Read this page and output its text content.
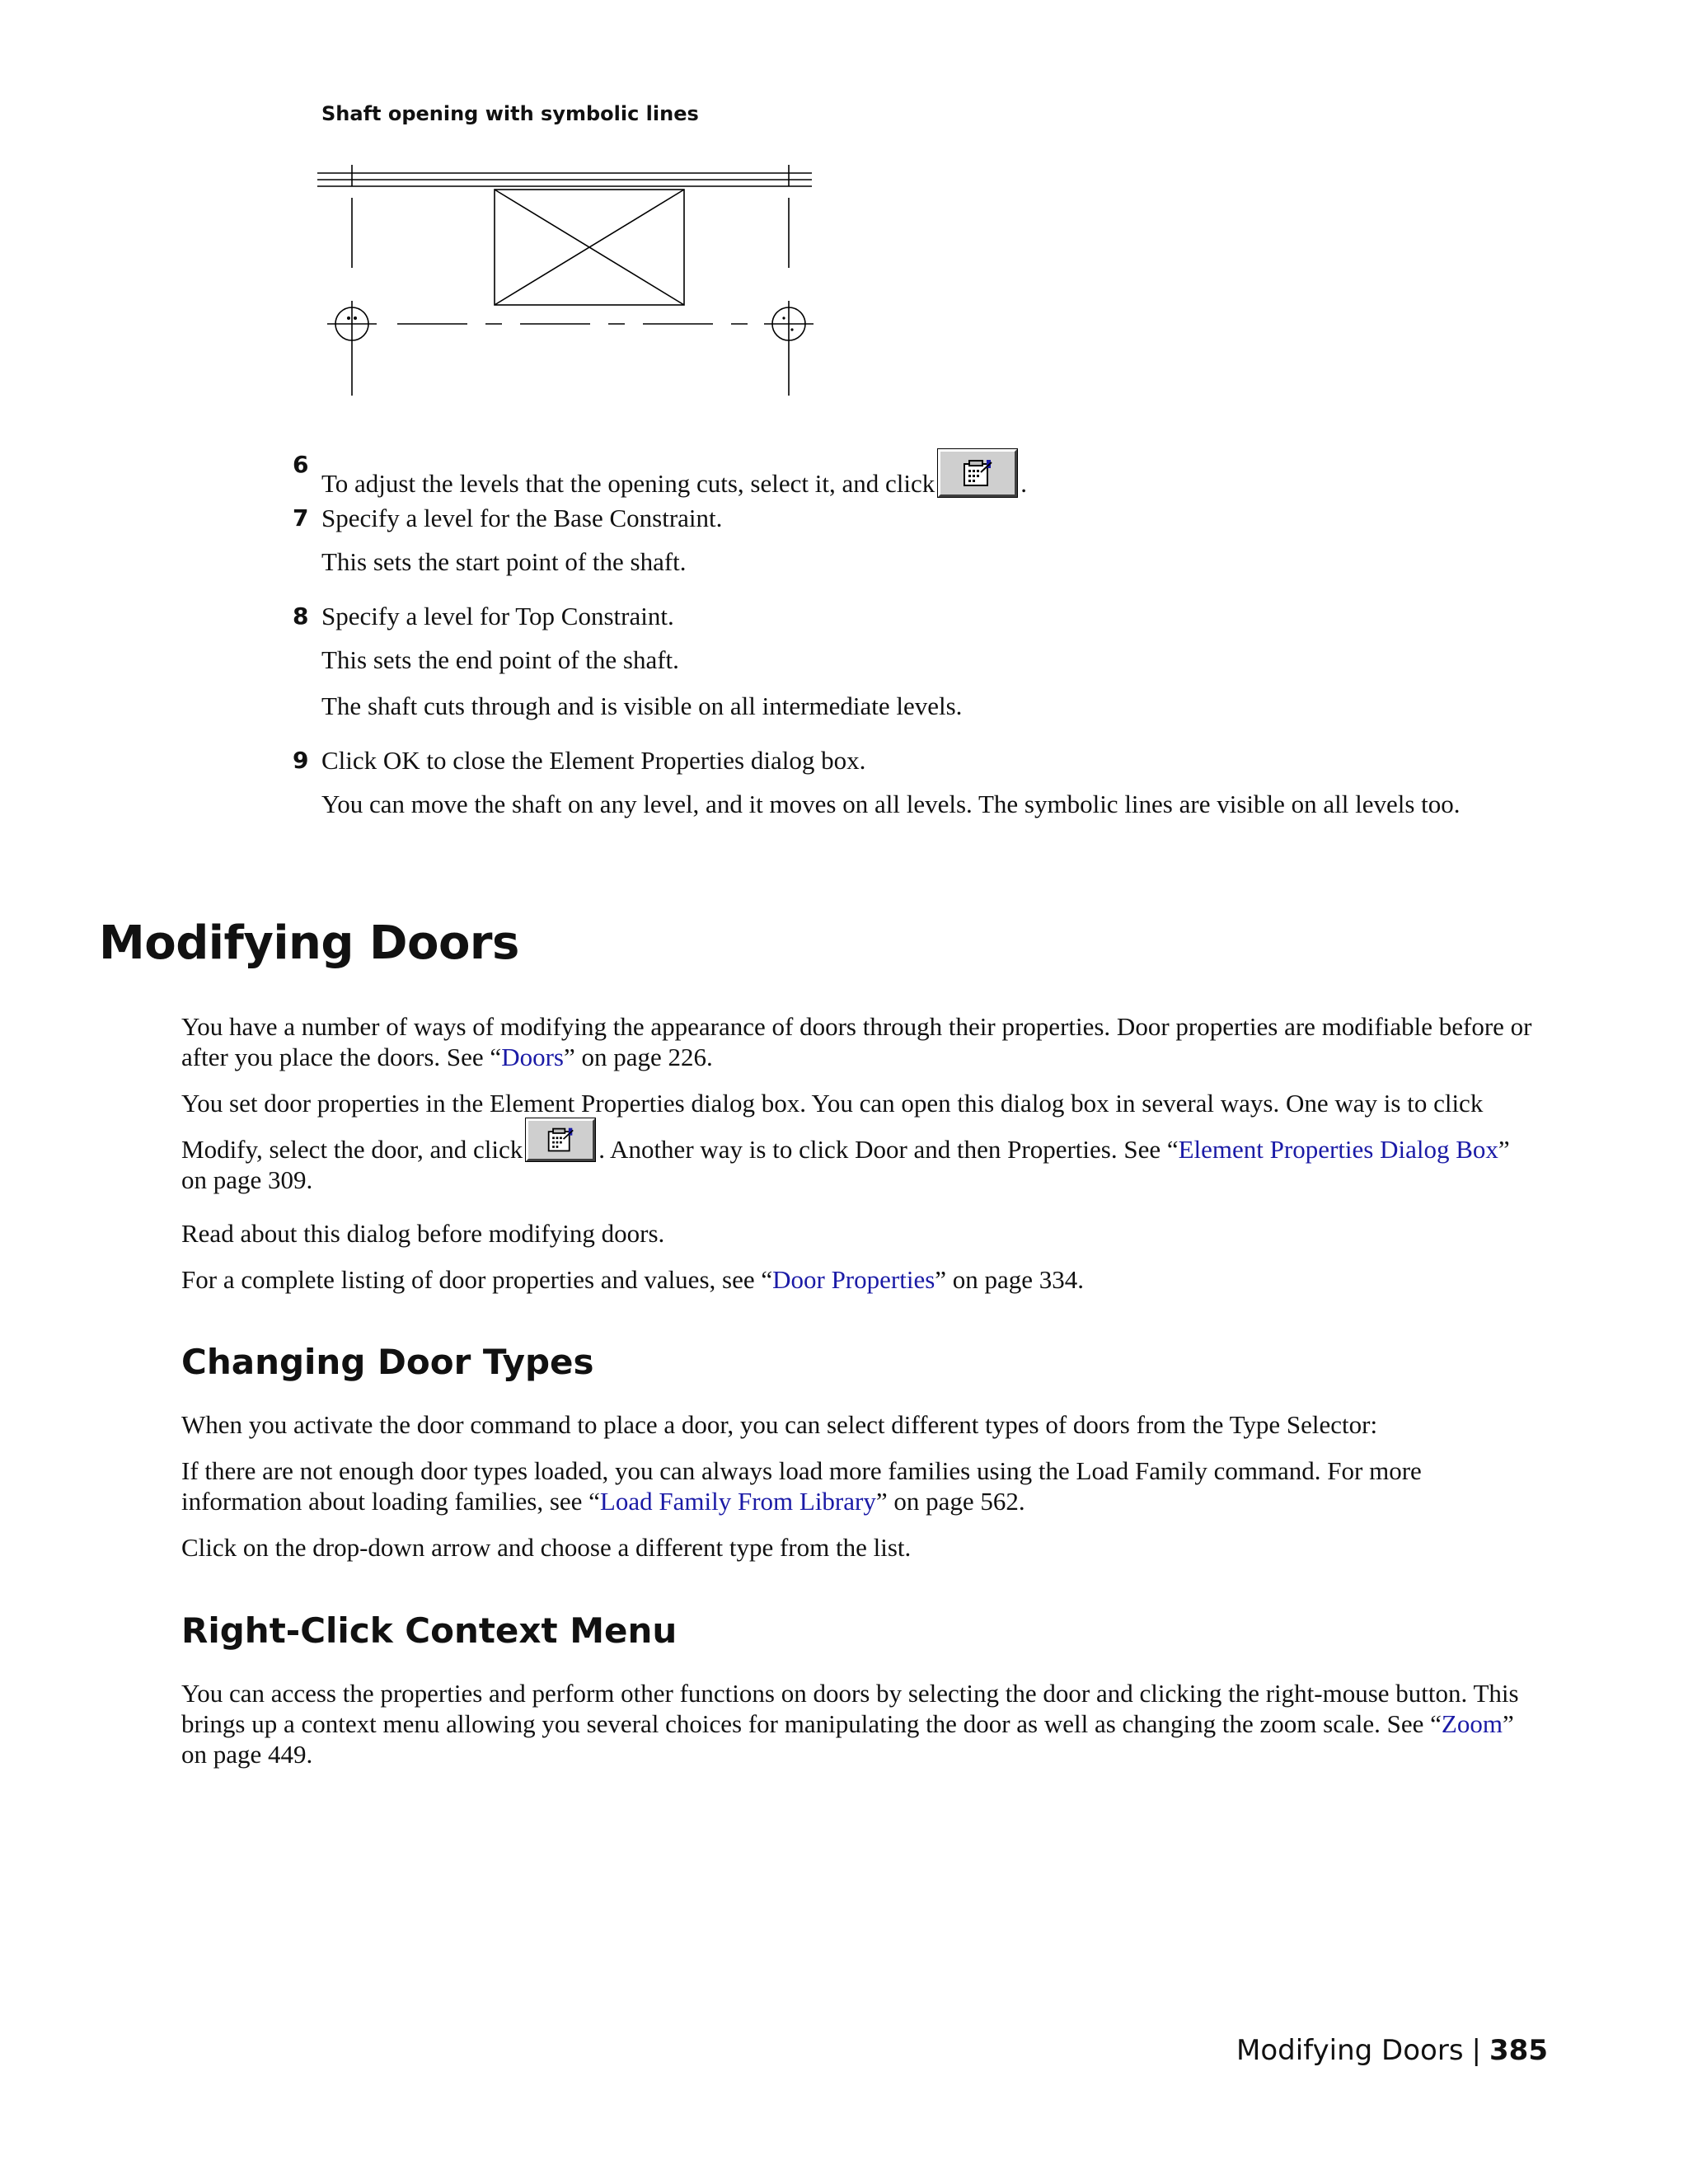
Shaft opening with symbolic lines
6
To adjust the levels that the opening cuts, select it, and click	.
7 Specify a level for the Base Constraint.
This sets the start point of the shaft.
8 Specify a level for Top Constraint.
This sets the end point of the shaft.
The shaft cuts through and is visible on all intermediate levels.
9 Click OK to close the Element Properties dialog box.
You can move the shaft on any level, and it moves on all levels. The symbolic lines are visible on all levels too.
Modifying Doors
You have a number of ways of modifying the appearance of doors through their properties. Door properties are modifiable before or after you place the doors. See “Doors” on page 226.
You set door properties in the Element Properties dialog box. You can open this dialog box in several ways. One way is to click Modify, select the door, and click	. Another way is to click Door and then Properties. See “Element Properties Dialog Box” on page 309.
Read about this dialog before modifying doors.
For a complete listing of door properties and values, see “Door Properties” on page 334.
Changing Door Types
When you activate the door command to place a door, you can select different types of doors from the Type Selector:
If there are not enough door types loaded, you can always load more families using the Load Family command. For more information about loading families, see “Load Family From Library” on page 562.
Click on the drop-down arrow and choose a different type from the list.
Right-Click Context Menu
You can access the properties and perform other functions on doors by selecting the door and clicking the right-mouse button. This brings up a context menu allowing you several choices for manipulating the door as well as changing the zoom scale. See “Zoom” on page 449.
Modifying Doors | 385
